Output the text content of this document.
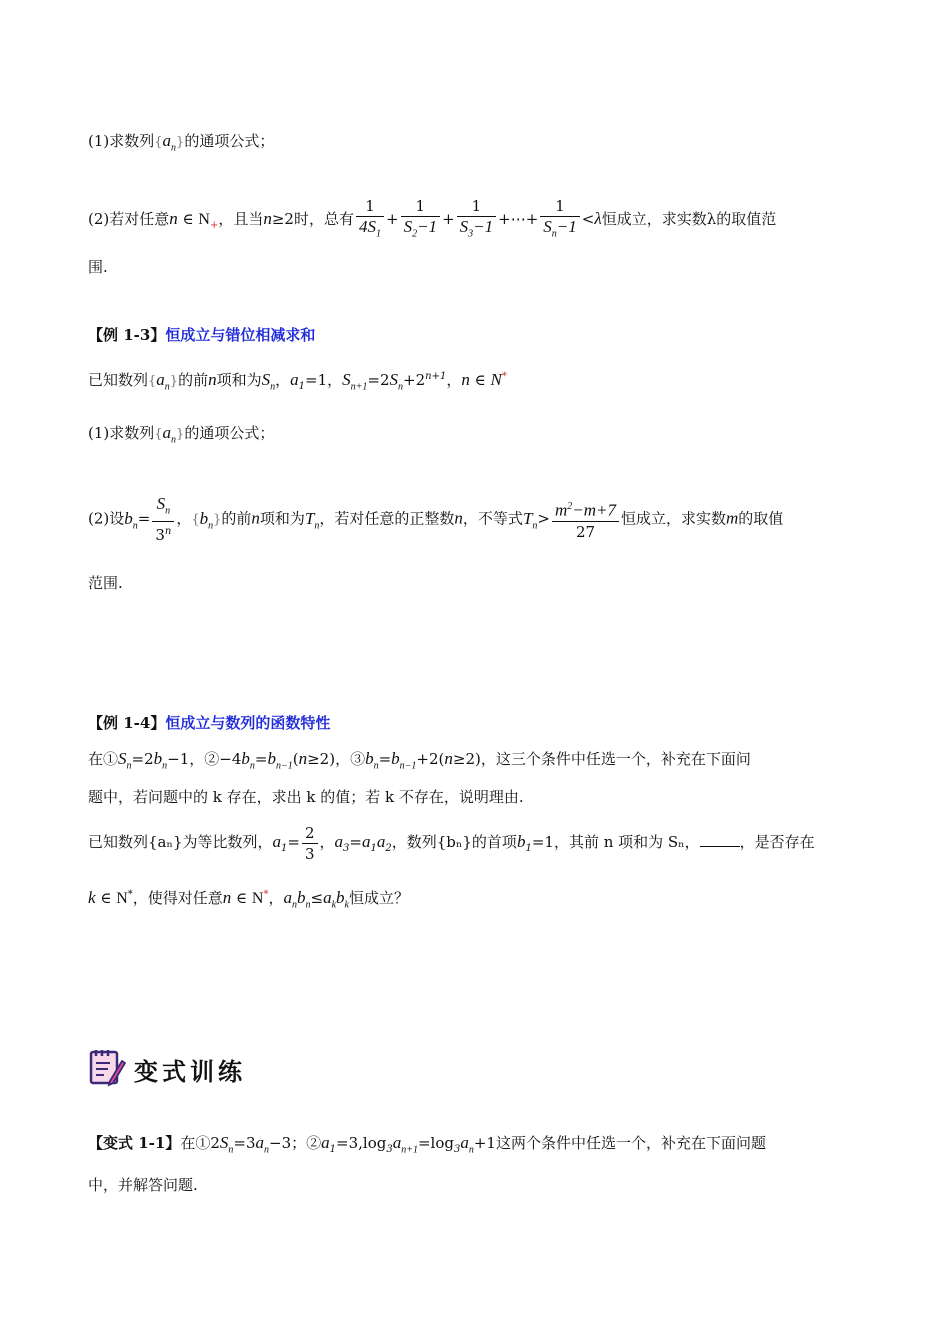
(1)求数列$\{a_n\}$的通项公式；
(2)若对任意n ∈ $N_+$，且当n≥2时，总有 $\frac{1}{4S_1} + \frac{1}{S_2-1} + \frac{1}{S_3-1}$ +⋯+ $\frac{1}{S_n-1} <\lambda$恒成立，求实数λ的取值范
围.
【例 1-3】恒成立与错位相减求和
已知数列$\{a_n\}$的前n项和为$S_n$，$a_1=1$，$S_{n+1}=2S_n+2^{n+1}$，n ∈ N*
(1)求数列$\{a_n\}$的通项公式；
(2)设$b_n= \frac{S_n}{3^n}$ ，$\{b_n\}$的前n项和为$T_n$，若对任意的正整数n，不等式$T_n> \frac{m^2-m+7}{27}$ 恒成立，求实数m的取值
范围.
【例 1-4】恒成立与数列的函数特性
在$①S_n=2b_n-1$，$②-4b_n=b_{n-1}(n\ge 2)$，$③b_n=b_{n-1}+2(n\ge 2)$，这三个条件中任选一个，补充在下面问
题中，若问题中的 k 存在，求出 k 的值；若 k 不存在，说明理由.
已知数列{aₙ}为等比数列，$a_1= \frac{2}{3}$ ，$a_3=a_1a_2$，数列{bₙ}的首项$b_1=1$，其前 n 项和为 Sₙ，	，是否存在
k ∈ N*，使得对任意n ∈ N*，$a_nb_n\le a_kb_k$恒成立？
变式训练
【变式 1-1】在$①2S_n=3a_n-3$；$②a_1=3,\log_3a_{n+1}=\log_3a_n+1$这两个条件中任选一个，补充在下面问题
中，并解答问题.
